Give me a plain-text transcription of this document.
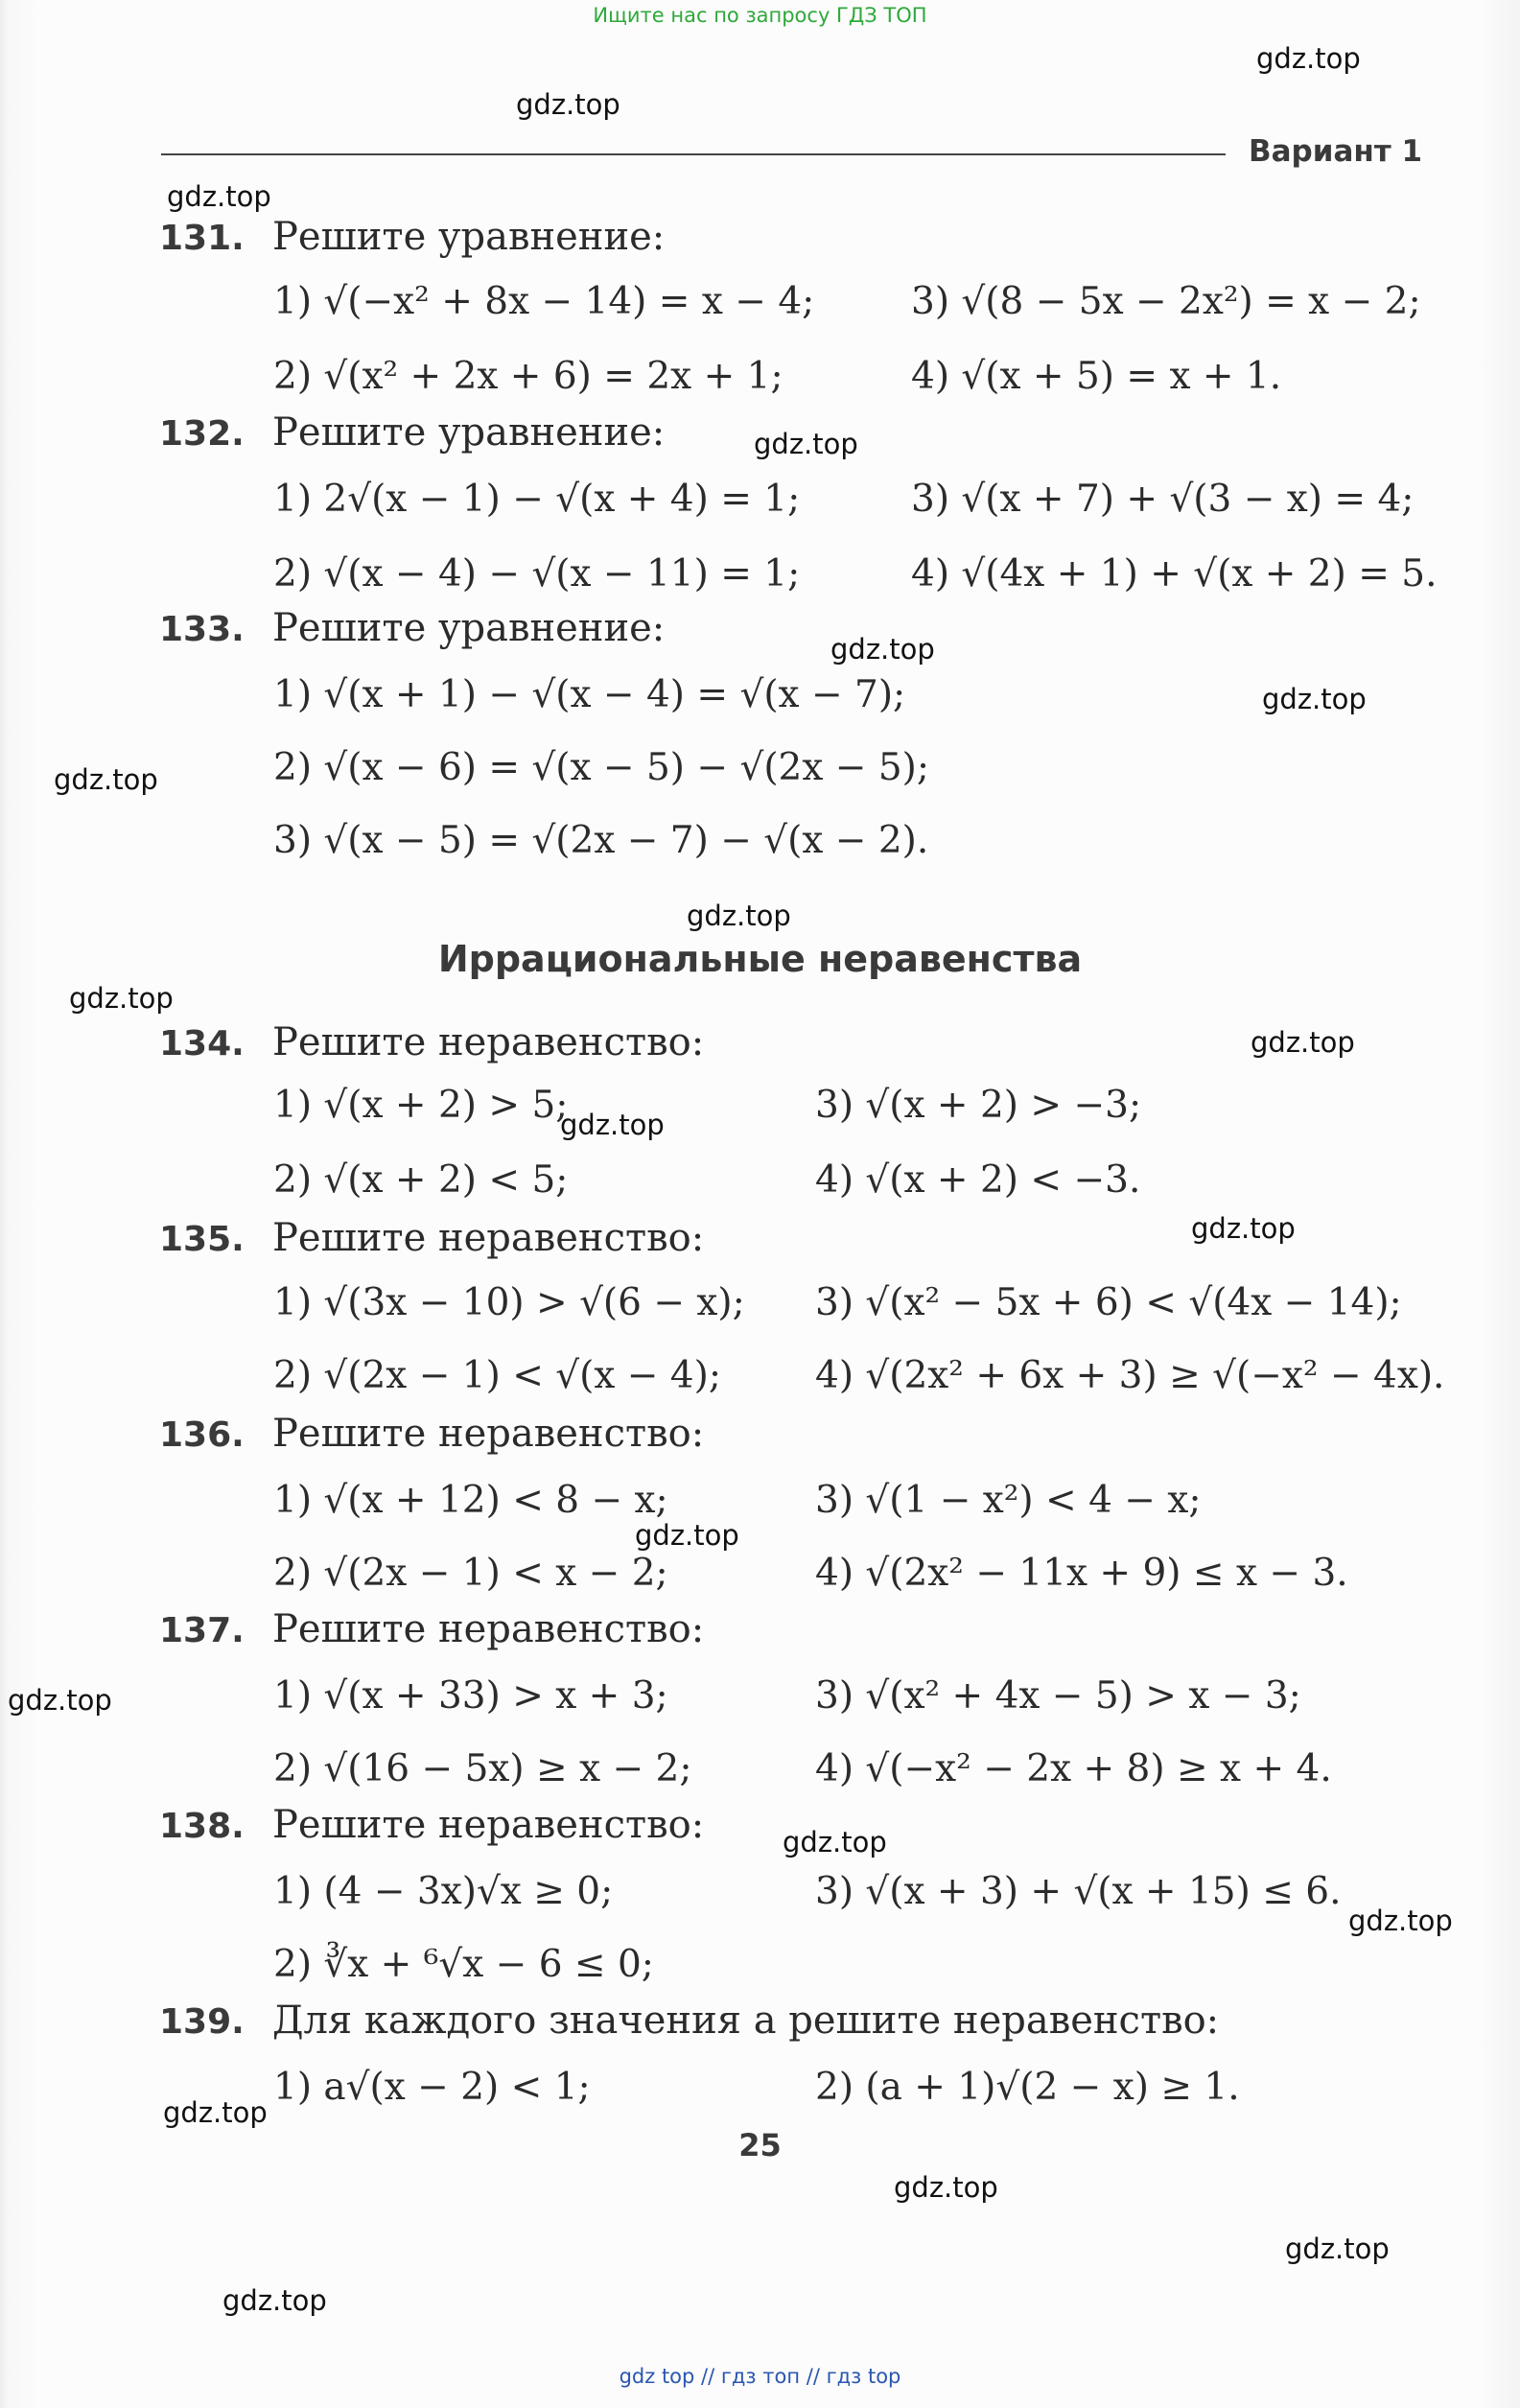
Ищите нас по запросу ГДЗ ТОП
Вариант 1
131. Решите уравнение:
1) √(−x² + 8x − 14) = x − 4;	3) √(8 − 5x − 2x²) = x − 2;
2) √(x² + 2x + 6) = 2x + 1;	4) √(x + 5) = x + 1.
132. Решите уравнение:
1) 2√(x − 1) − √(x + 4) = 1;	3) √(x + 7) + √(3 − x) = 4;
2) √(x − 4) − √(x − 11) = 1;	4) √(4x + 1) + √(x + 2) = 5.
133. Решите уравнение:
1) √(x + 1) − √(x − 4) = √(x − 7);
2) √(x − 6) = √(x − 5) − √(2x − 5);
3) √(x − 5) = √(2x − 7) − √(x − 2).
Иррациональные неравенства
134. Решите неравенство:
1) √(x + 2) > 5;	3) √(x + 2) > −3;
2) √(x + 2) < 5;	4) √(x + 2) < −3.
135. Решите неравенство:
1) √(3x − 10) > √(6 − x); 3) √(x² − 5x + 6) < √(4x − 14);
2) √(2x − 1) < √(x − 4);	4) √(2x² + 6x + 3) ≥ √(−x² − 4x).
136. Решите неравенство:
1) √(x + 12) < 8 − x;	3) √(1 − x²) < 4 − x;
2) √(2x − 1) < x − 2;	4) √(2x² − 11x + 9) ≤ x − 3.
137. Решите неравенство:
1) √(x + 33) > x + 3;	3) √(x² + 4x − 5) > x − 3;
2) √(16 − 5x) ≥ x − 2;	4) √(−x² − 2x + 8) ≥ x + 4.
138. Решите неравенство:
1) (4 − 3x)√x ≥ 0;	3) √(x + 3) + √(x + 15) ≤ 6.
2) ∛x + ⁶√x − 6 ≤ 0;
139. Для каждого значения a решите неравенство:
1) a√(x − 2) < 1;	2) (a + 1)√(2 − x) ≥ 1.
25
gdz.top
gdz.top
gdz.top
gdz.top
gdz.top
gdz.top
gdz.top
gdz.top
gdz.top
gdz.top
gdz.top
gdz.top
gdz.top
gdz.top
gdz.top
gdz.top
gdz.top
gdz.top
gdz.top
gdz.top
gdz top // гдз топ // гдз top
